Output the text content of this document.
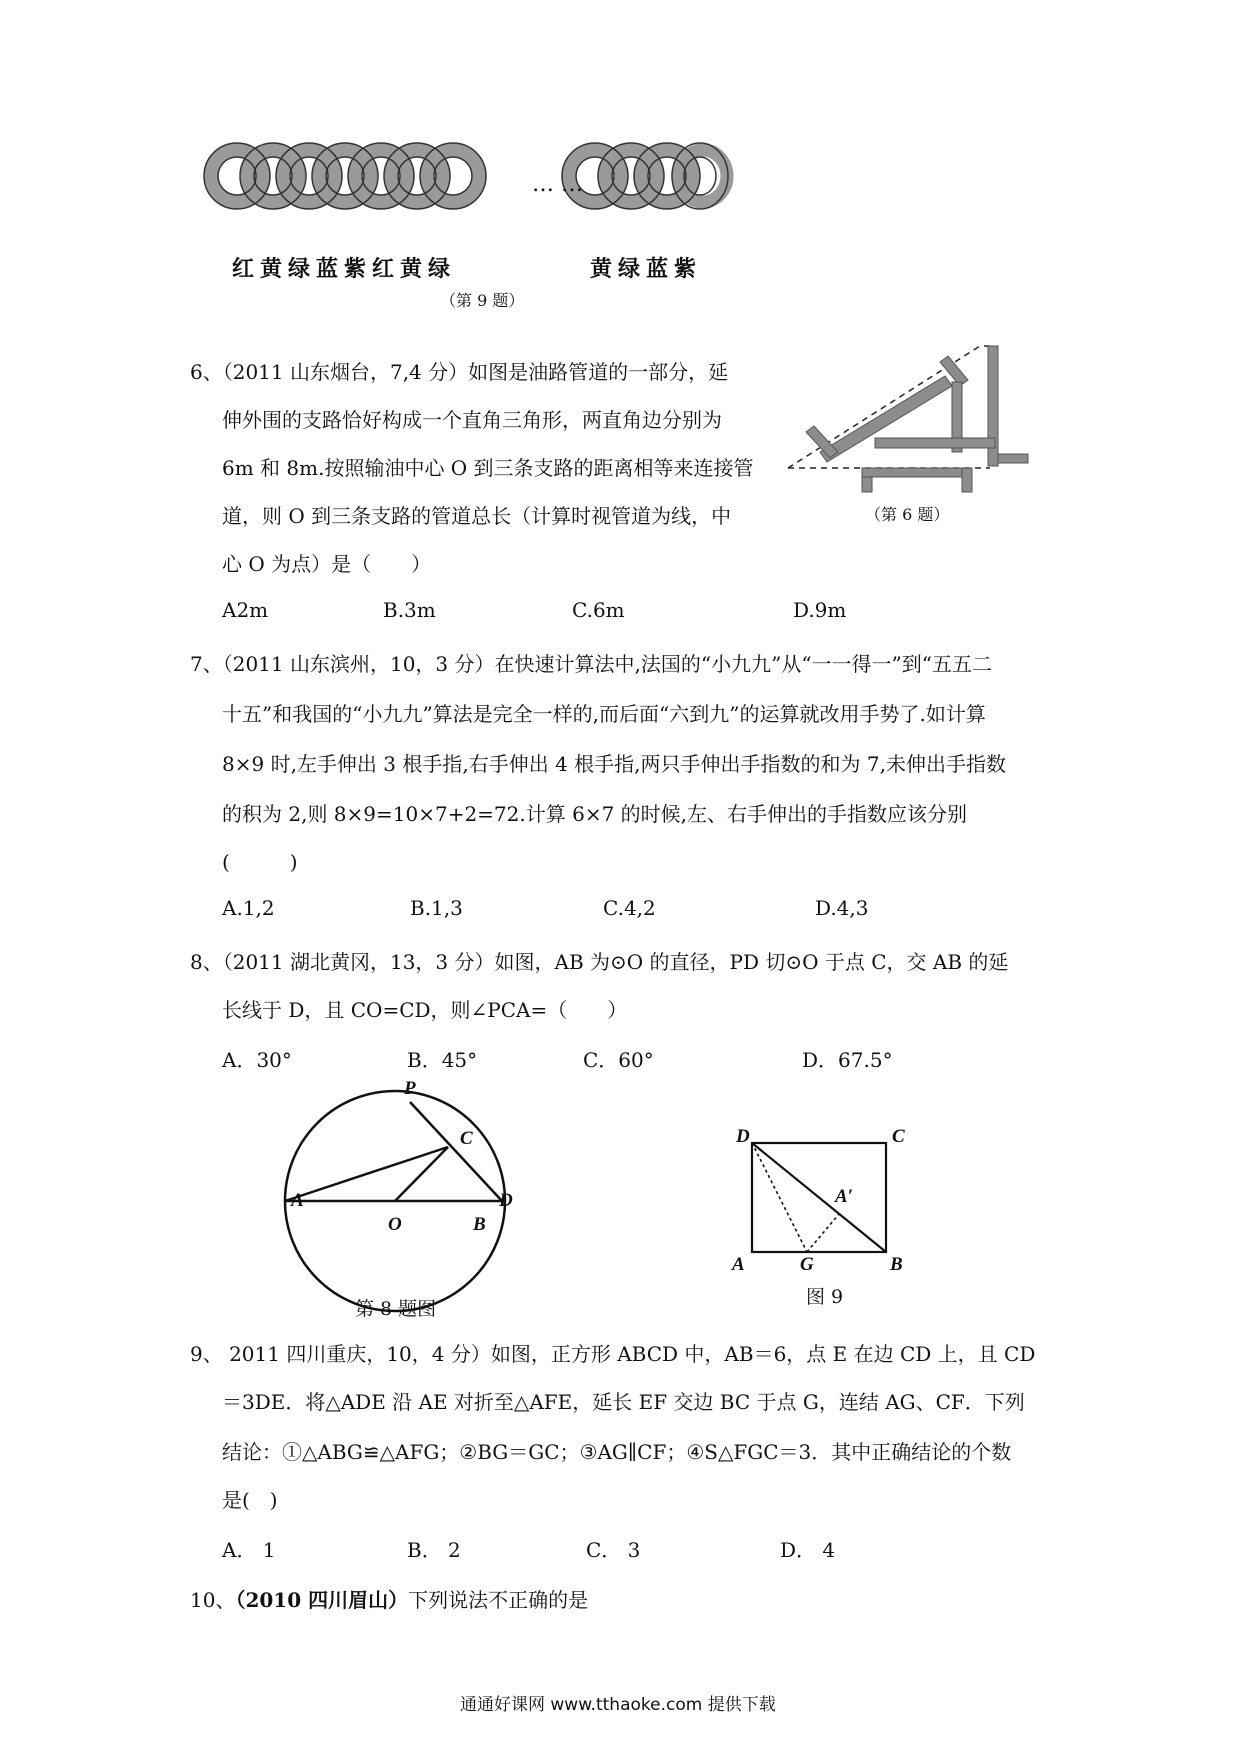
… …
红黄绿蓝紫红黄绿	黄绿蓝紫
（第 9 题）
6、（2011 山东烟台，7,4 分）如图是油路管道的一部分，延
伸外围的支路恰好构成一个直角三角形，两直角边分别为
6m 和 8m.按照输油中心 O 到三条支路的距离相等来连接管
道，则 O 到三条支路的管道总长（计算时视管道为线，中
心 O 为点）是（　　）
A2m	B.3m	C.6m	D.9m
（第 6 题）
7、（2011 山东滨州，10，3 分）在快速计算法中,法国的“小九九”从“一一得一”到“五五二
十五”和我国的“小九九”算法是完全一样的,而后面“六到九”的运算就改用手势了.如计算
8×9 时,左手伸出 3 根手指,右手伸出 4 根手指,两只手伸出手指数的和为 7,未伸出手指数
的积为 2,则 8×9=10×7+2=72.计算 6×7 的时候,左、右手伸出的手指数应该分别
(　　　)
A.1,2	B.1,3	C.4,2	D.4,3
8、（2011 湖北黄冈，13，3 分）如图，AB 为⊙O 的直径，PD 切⊙O 于点 C，交 AB 的延
长线于 D，且 CO=CD，则∠PCA=（　　）
A．30°	B．45°	C．60°	D．67.5°
P
C
A
O	B
D
第 8 题图
D	C
A′
A	G	B
图 9
9、 2011 四川重庆，10，4 分）如图，正方形 ABCD 中，AB＝6，点 E 在边 CD 上，且 CD
＝3DE．将△ADE 沿 AE 对折至△AFE，延长 EF 交边 BC 于点 G，连结 AG、CF．下列
结论：①△ABG≌△AFG；②BG＝GC；③AG∥CF；④S△FGC＝3．其中正确结论的个数
是(　)
A． 1	B． 2	C． 3	D． 4
10、（2010 四川眉山）下列说法不正确的是
通通好课网 www.tthaoke.com 提供下载
